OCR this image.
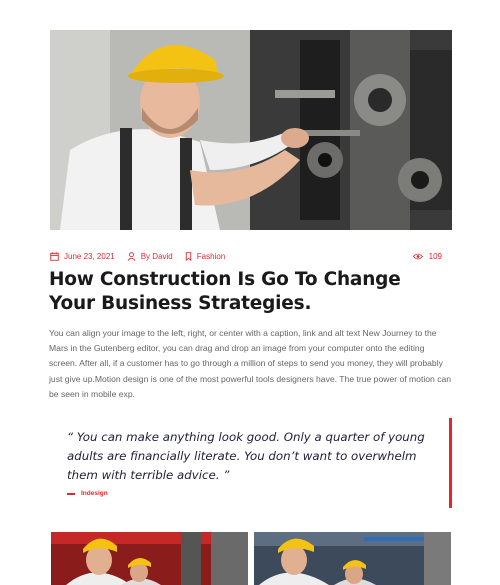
June 23, 2021	By
David	Fashion	109
How Construction Is Go To Change Your Business Strategies.

You can align your image to the left, right, or center with a caption, link and alt text New Journey to the Mars in the Gutenberg editor, you can drag and drop an image from your computer onto the editing screen. After all, if a customer has to go through a million of steps to send you money, they will probably just give up.Motion design is one of the most powerful tools designers have. The true power of motion can be seen in mobile exp.

“ You can make anything look good. Only a quarter of young adults are financially literate. You don’t want to overwhelm them with terrible advice. ”

Indesign
